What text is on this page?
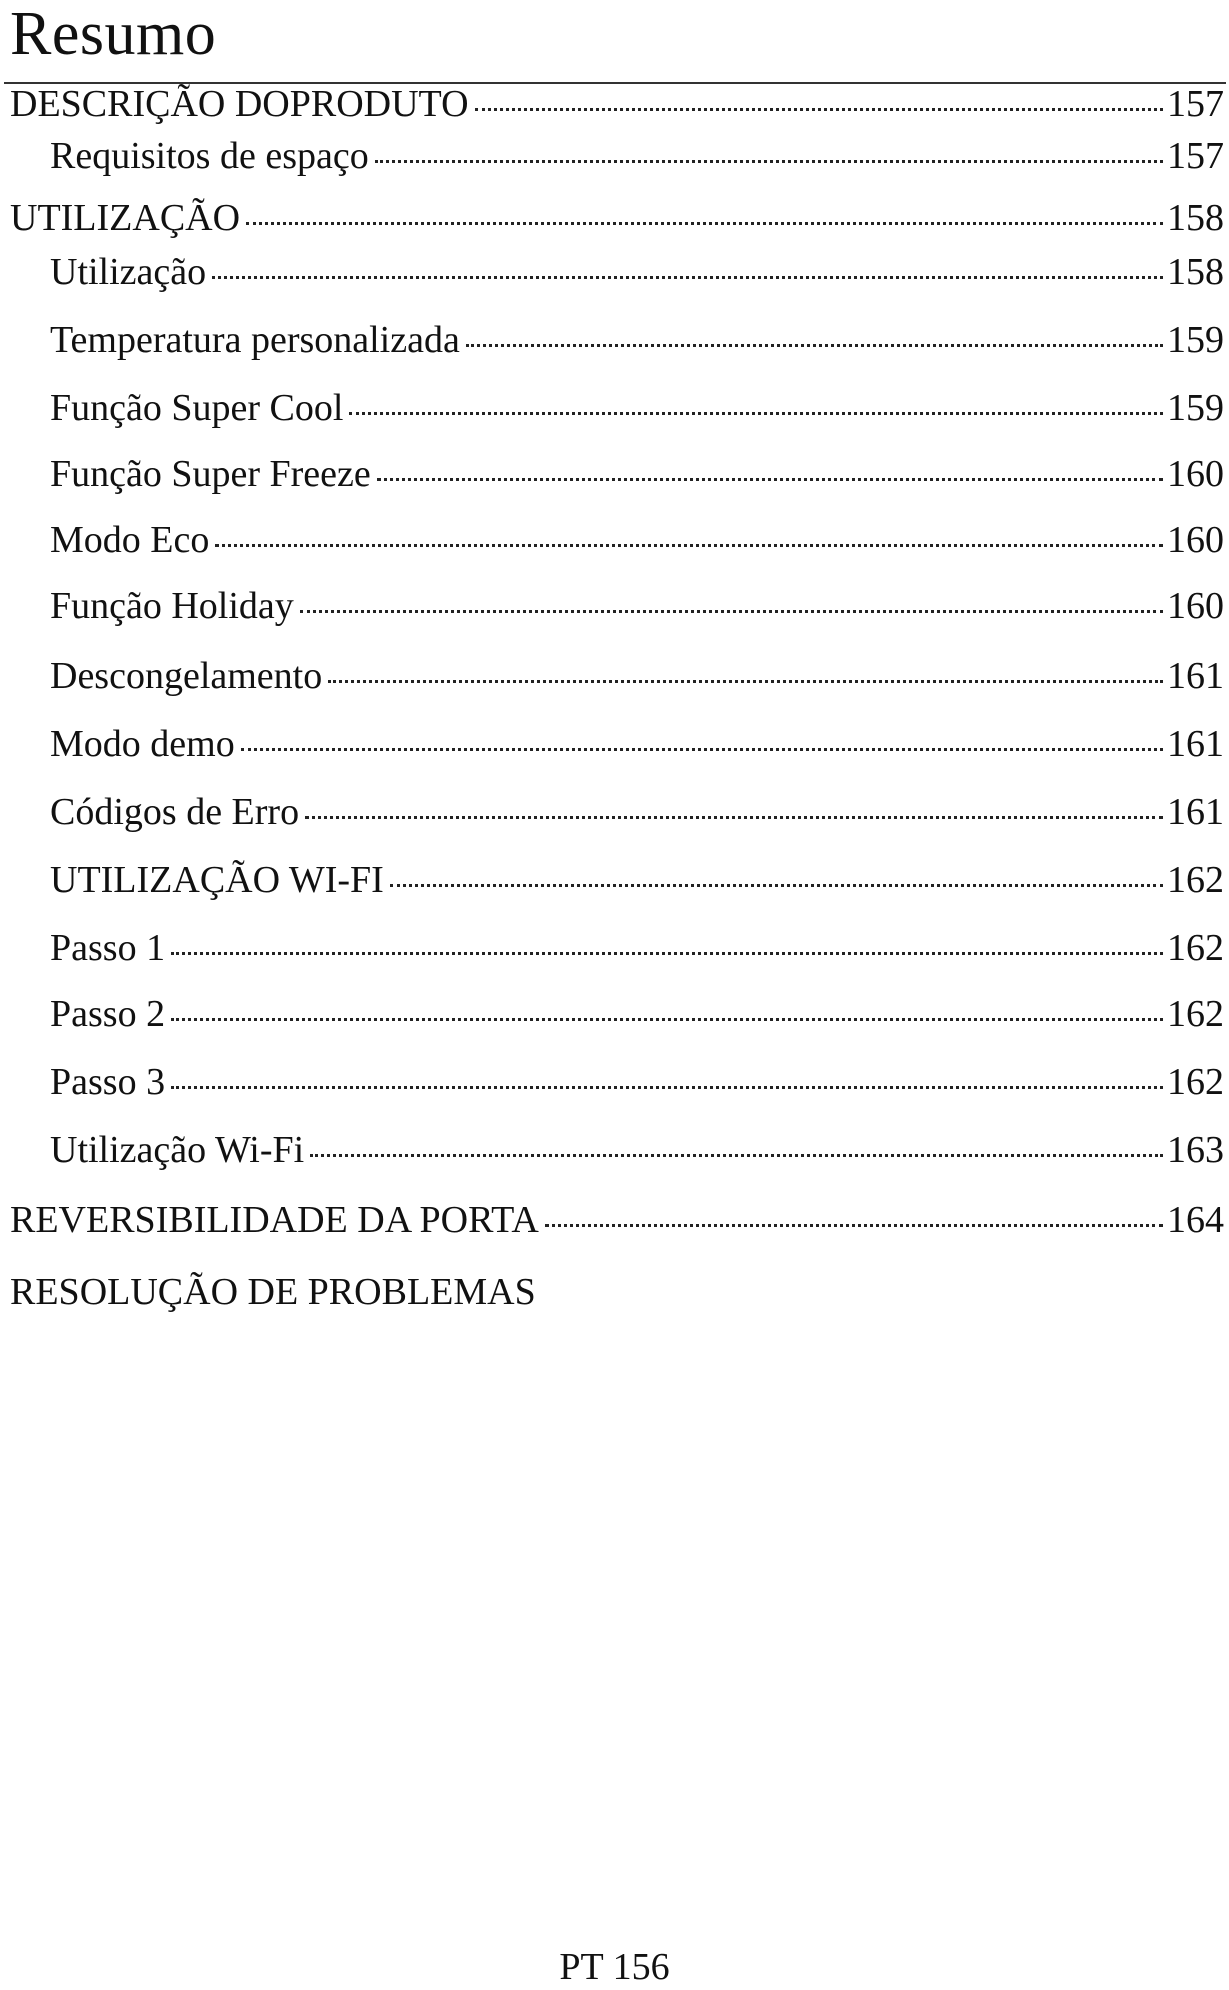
Resumo
DESCRIÇÃO DOPRODUTO	157
Requisitos de espaço	157
UTILIZAÇÃO	158
Utilização	158
Temperatura personalizada	159
Função Super Cool	159
Função Super Freeze	160
Modo Eco	160
Função Holiday	160
Descongelamento	161
Modo demo	161
Códigos de Erro	161
UTILIZAÇÃO WI-FI	162
Passo 1	162
Passo 2	162
Passo 3	162
Utilização Wi-Fi	163
REVERSIBILIDADE DA PORTA	164
RESOLUÇÃO DE PROBLEMAS
PT 156
